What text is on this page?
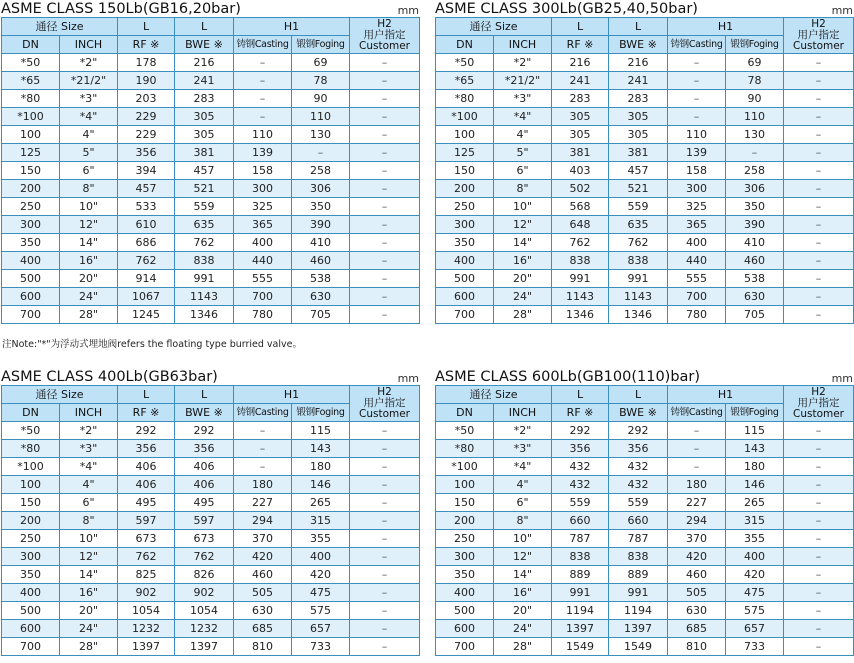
ASME CLASS 150Lb(GB16,20bar)	mm
通径 Size		L	L	H1		H2
用户指定
Customer

DN	INCH	RF ※	BWE ※	铸钢Casting	锻钢Foging	
*50	*2"	178	216	–	69	–
*65	*21/2"	190	241	–	78	–
*80	*3"	203	283	–	90	–
*100	*4"	229	305	–	110	–
100	4"	229	305	110	130	–
125	5"	356	381	139	–	–
150	6"	394	457	158	258	–
200	8"	457	521	300	306	–
250	10"	533	559	325	350	–
300	12"	610	635	365	390	–
350	14"	686	762	400	410	–
400	16"	762	838	440	460	–
500	20"	914	991	555	538	–
600	24"	1067	1143	700	630	–
700	28"	1245	1346	780	705	–
ASME CLASS 300Lb(GB25,40,50bar)	mm
通径 Size		L	L	H1		H2
用户指定
Customer

DN	INCH	RF ※	BWE ※	铸钢Casting	锻钢Foging	
*50	*2"	216	216	–	69	–
*65	*21/2"	241	241	–	78	–
*80	*3"	283	283	–	90	–
*100	*4"	305	305	–	110	–
100	4"	305	305	110	130	–
125	5"	381	381	139	–	–
150	6"	403	457	158	258	–
200	8"	502	521	300	306	–
250	10"	568	559	325	350	–
300	12"	648	635	365	390	–
350	14"	762	762	400	410	–
400	16"	838	838	440	460	–
500	20"	991	991	555	538	–
600	24"	1143	1143	700	630	–
700	28"	1346	1346	780	705	–
注Note:"*"为浮动式埋地阀refers the floating type burried valve。
ASME CLASS 400Lb(GB63bar)	mm
通径 Size		L	L	H1		H2
用户指定
Customer

DN	INCH	RF ※	BWE ※	铸钢Casting	锻钢Foging	
*50	*2"	292	292	–	115	–
*80	*3"	356	356	–	143	–
*100	*4"	406	406	–	180	–
100	4"	406	406	180	146	–
150	6"	495	495	227	265	–
200	8"	597	597	294	315	–
250	10"	673	673	370	355	–
300	12"	762	762	420	400	–
350	14"	825	826	460	420	–
400	16"	902	902	505	475	–
500	20"	1054	1054	630	575	–
600	24"	1232	1232	685	657	–
700	28"	1397	1397	810	733	–
ASME CLASS 600Lb(GB100(110)bar)	mm
通径 Size		L	L	H1		H2
用户指定
Customer

DN	INCH	RF ※	BWE ※	铸钢Casting	锻钢Foging	
*50	*2"	292	292	–	115	–
*80	*3"	356	356	–	143	–
*100	*4"	432	432	–	180	–
100	4"	432	432	180	146	–
150	6"	559	559	227	265	–
200	8"	660	660	294	315	–
250	10"	787	787	370	355	–
300	12"	838	838	420	400	–
350	14"	889	889	460	420	–
400	16"	991	991	505	475	–
500	20"	1194	1194	630	575	–
600	24"	1397	1397	685	657	–
700	28"	1549	1549	810	733	–
